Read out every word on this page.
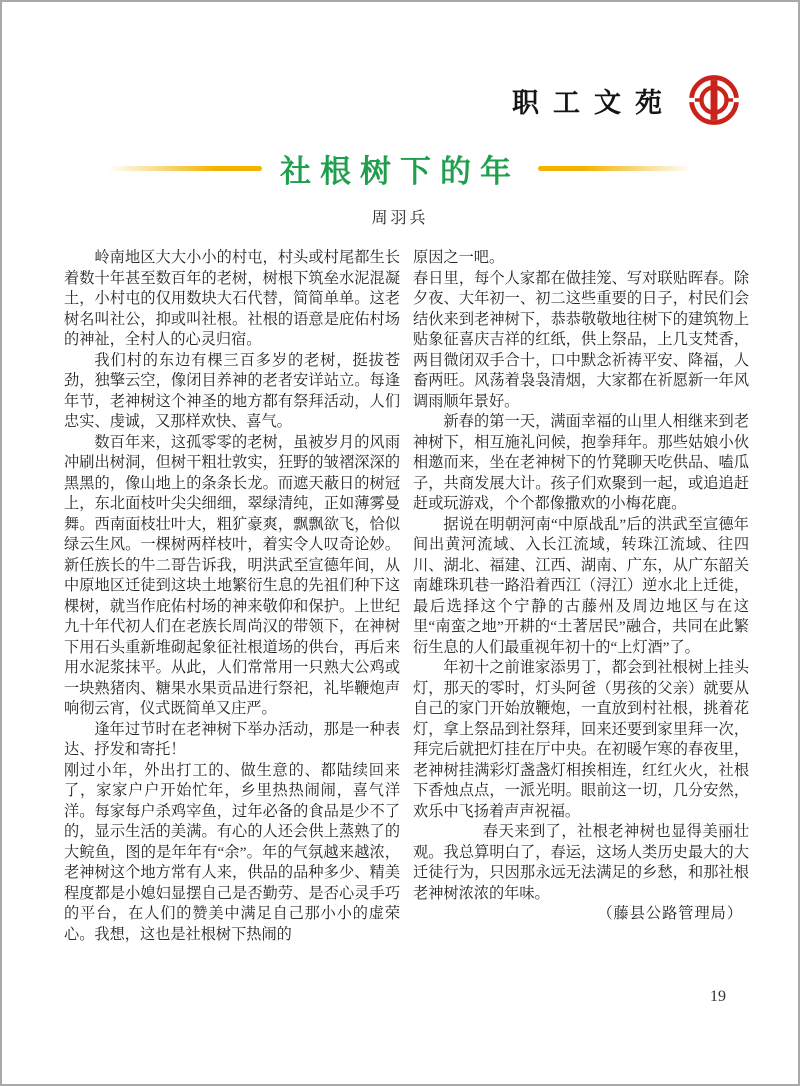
职工文苑
社根树下的年
周羽兵

岭南地区大大小小的村屯，村头或村尾都生长着数十年甚至数百年的老树，树根下筑垒水泥混凝土，小村屯的仅用数块大石代替，简简单单。这老树名叫社公，抑或叫社根。社根的语意是庇佑村场的神祉，全村人的心灵归宿。

我们村的东边有棵三百多岁的老树，挺拔苍劲，独擎云空，像闭目养神的老者安详站立。每逢年节，老神树这个神圣的地方都有祭拜活动，人们忠实、虔诚，又那样欢快、喜气。

数百年来，这孤零零的老树，虽被岁月的风雨冲刷出树洞，但树干粗壮敦实，狂野的皱褶深深的黑黑的，像山地上的条条长龙。而遮天蔽日的树冠上，东北面枝叶尖尖细细，翠绿清纯，正如薄雾曼舞。西南面枝壮叶大，粗犷豪爽，飘飘欲飞，恰似绿云生风。一棵树两样枝叶，着实令人叹奇论妙。新任族长的牛二哥告诉我，明洪武至宣德年间，从中原地区迁徒到这块土地繁衍生息的先祖们种下这棵树，就当作庇佑村场的神来敬仰和保护。上世纪九十年代初人们在老族长周尚汉的带领下，在神树下用石头重新堆砌起象征社根道场的供台，再后来用水泥浆抹平。从此，人们常常用一只熟大公鸡或一块熟猪肉、糖果水果贡品进行祭祀，礼毕鞭炮声响彻云宵，仪式既简单又庄严。

逢年过节时在老神树下举办活动，那是一种表达、抒发和寄托！

刚过小年，外出打工的、做生意的、都陆续回来了，家家户户开始忙年，乡里热热闹闹，喜气洋洋。每家每户杀鸡宰鱼，过年必备的食品是少不了的，显示生活的美满。有心的人还会供上蒸熟了的大鲩鱼，图的是年年有“余”。年的气氛越来越浓，老神树这个地方常有人来，供品的品种多少、精美程度都是小媳妇显摆自己是否勤劳、是否心灵手巧的平台，在人们的赞美中满足自己那小小的虚荣心。我想，这也是社根树下热闹的

原因之一吧。

春日里，每个人家都在做挂笼、写对联贴晖春。除夕夜、大年初一、初二这些重要的日子，村民们会结伙来到老神树下，恭恭敬敬地往树下的建筑物上贴象征喜庆吉祥的红纸，供上祭品，上几支梵香，两目微闭双手合十，口中默念祈祷平安、降福，人畜两旺。风荡着袅袅清烟，大家都在祈愿新一年风调雨顺年景好。

新春的第一天，满面幸福的山里人相继来到老神树下，相互施礼问候，抱拳拜年。那些姑娘小伙相邀而来，坐在老神树下的竹凳聊天吃供品、嗑瓜子，共商发展大计。孩子们欢聚到一起，或追追赶赶或玩游戏，个个都像撒欢的小梅花鹿。

据说在明朝河南“中原战乱”后的洪武至宣德年间出黄河流域、入长江流域，转珠江流域、往四川、湖北、福建、江西、湖南、广东，从广东韶关南雄珠玑巷一路沿着西江（浔江）逆水北上迁徙，最后选择这个宁静的古藤州及周边地区与在这里“南蛮之地”开耕的“土著居民”融合，共同在此繁衍生息的人们最重视年初十的“上灯酒”了。

年初十之前谁家添男丁，都会到社根树上挂头灯，那天的零时，灯头阿爸（男孩的父亲）就要从自己的家门开始放鞭炮，一直放到村社根，挑着花灯，拿上祭品到社祭拜，回来还要到家里拜一次，拜完后就把灯挂在厅中央。在初暖乍寒的春夜里，老神树挂满彩灯盏盏灯相挨相连，红红火火，社根下香烛点点，一派光明。眼前这一切，几分安然，欢乐中飞扬着声声祝福。

春天来到了，社根老神树也显得美丽壮观。我总算明白了，春运，这场人类历史最大的大迁徒行为，只因那永远无法满足的乡愁，和那社根老神树浓浓的年味。

（藤县公路管理局）

19
